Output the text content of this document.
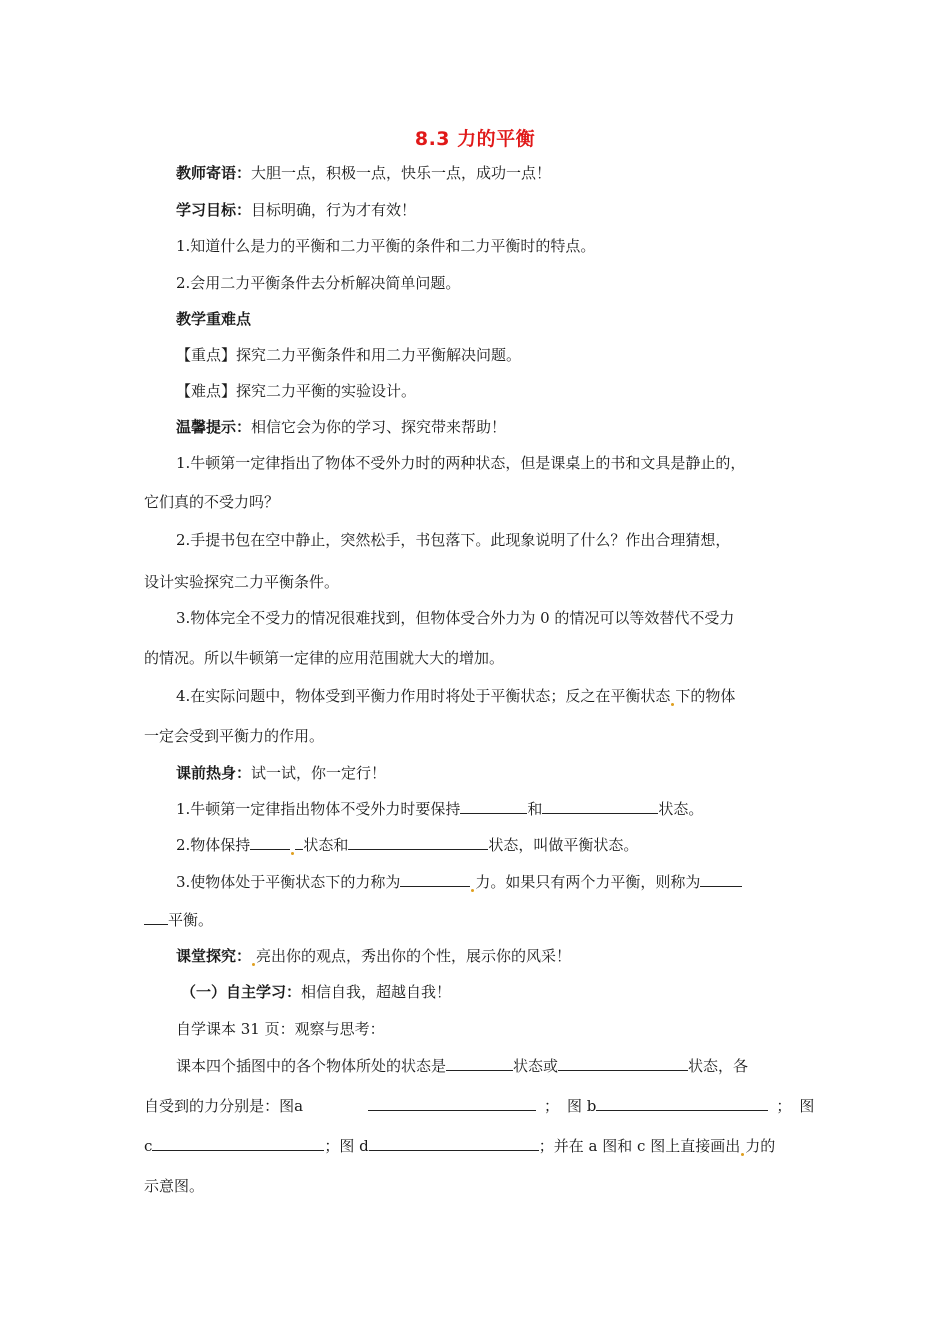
8.3 力的平衡
教师寄语：大胆一点，积极一点，快乐一点，成功一点！
学习目标：目标明确，行为才有效！
1.知道什么是力的平衡和二力平衡的条件和二力平衡时的特点。
2.会用二力平衡条件去分析解决简单问题。
教学重难点
【重点】探究二力平衡条件和用二力平衡解决问题。
【难点】探究二力平衡的实验设计。
温馨提示：相信它会为你的学习、探究带来帮助！
1.牛顿第一定律指出了物体不受外力时的两种状态，但是课桌上的书和文具是静止的，
它们真的不受力吗？
2.手提书包在空中静止，突然松手，书包落下。此现象说明了什么？作出合理猜想，
设计实验探究二力平衡条件。
3.物体完全不受力的情况很难找到，但物体受合外力为 0 的情况可以等效替代不受力
的情况。所以牛顿第一定律的应用范围就大大的增加。
4.在实际问题中，物体受到平衡力作用时将处于平衡状态；反之在平衡状态 下的物体
一定会受到平衡力的作用。
课前热身：试一试，你一定行！
1.牛顿第一定律指出物体不受外力时要保持	和	状态。
2.物体保持	状态和	状态，叫做平衡状态。
3.使物体处于平衡状态下的力称为	力。如果只有两个力平衡，则称为
平衡。
课堂探究： 亮出你的观点，秀出你的个性，展示你的风采！
（一）自主学习：相信自我，超越自我！
自学课本 31 页：观察与思考：
课本四个插图中的各个物体所处的状态是	状态或	状态，各
自受到的力分别是：图a	； 图 b	； 图
c	；图 d	；并在 a 图和 c 图上直接画出 力的
示意图。
